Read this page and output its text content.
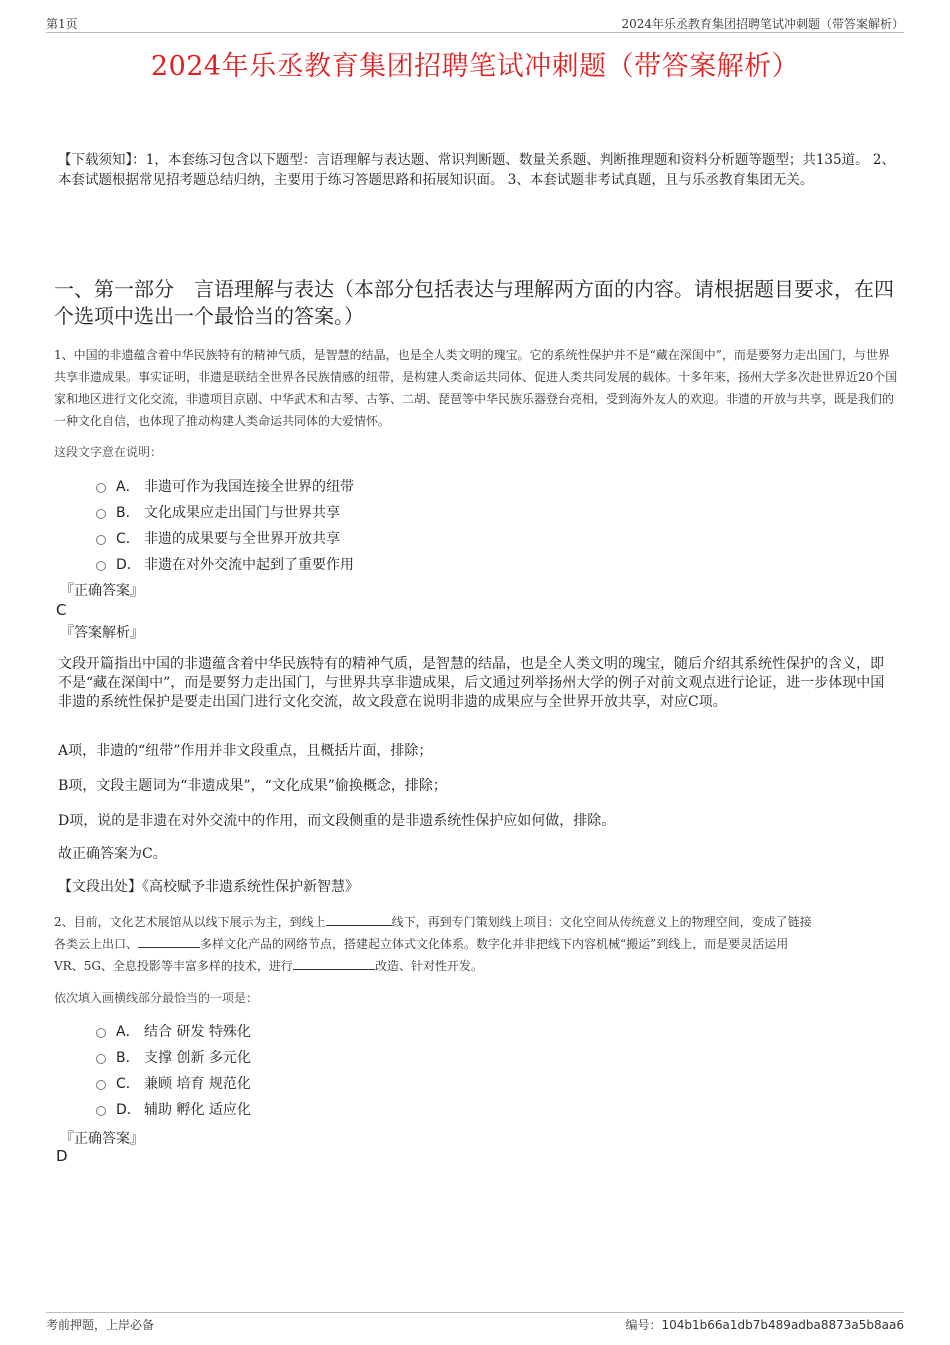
第1页	2024年乐丞教育集团招聘笔试冲刺题（带答案解析）
2024年乐丞教育集团招聘笔试冲刺题（带答案解析）
【下载须知】：1，本套练习包含以下题型：言语理解与表达题、常识判断题、数量关系题、判断推理题和资料分析题等题型；共135道。 2、本套试题根据常见招考题总结归纳，主要用于练习答题思路和拓展知识面。 3、本套试题非考试真题，且与乐丞教育集团无关。
一、第一部分　言语理解与表达（本部分包括表达与理解两方面的内容。请根据题目要求，在四个选项中选出一个最恰当的答案。）
1、中国的非遗蕴含着中华民族特有的精神气质，是智慧的结晶，也是全人类文明的瑰宝。它的系统性保护并不是“藏在深闺中”，而是要努力走出国门，与世界共享非遗成果。事实证明，非遗是联结全世界各民族情感的纽带，是构建人类命运共同体、促进人类共同发展的载体。十多年来，扬州大学多次赴世界近20个国家和地区进行文化交流，非遗项目京剧、中华武术和古琴、古筝、二胡、琵琶等中华民族乐器登台亮相，受到海外友人的欢迎。非遗的开放与共享，既是我们的一种文化自信，也体现了推动构建人类命运共同体的大爱情怀。
这段文字意在说明：
A． 非遗可作为我国连接全世界的纽带
B． 文化成果应走出国门与世界共享
C． 非遗的成果要与全世界开放共享
D． 非遗在对外交流中起到了重要作用
『正确答案』
C
『答案解析』
文段开篇指出中国的非遗蕴含着中华民族特有的精神气质，是智慧的结晶，也是全人类文明的瑰宝，随后介绍其系统性保护的含义，即不是“藏在深闺中”，而是要努力走出国门，与世界共享非遗成果，后文通过列举扬州大学的例子对前文观点进行论证，进一步体现中国非遗的系统性保护是要走出国门进行文化交流，故文段意在说明非遗的成果应与全世界开放共享，对应C项。
A项，非遗的“纽带”作用并非文段重点，且概括片面，排除；
B项，文段主题词为“非遗成果”，“文化成果”偷换概念，排除；
D项，说的是非遗在对外交流中的作用，而文段侧重的是非遗系统性保护应如何做，排除。
故正确答案为C。
【文段出处】《高校赋予非遗系统性保护新智慧》
2、目前，文化艺术展馆从以线下展示为主，到线上	线下，再到专门策划线上项目：文化空间从传统意义上的物理空间，变成了链接
各类云上出口、	多样文化产品的网络节点，搭建起立体式文化体系。数字化并非把线下内容机械“搬运”到线上，而是要灵活运用
VR、5G、全息投影等丰富多样的技术，进行	改造、针对性开发。
依次填入画横线部分最恰当的一项是：
A． 结合 研发 特殊化
B． 支撑 创新 多元化
C． 兼顾 培育 规范化
D． 辅助 孵化 适应化
『正确答案』
D
考前押题，上岸必备	编号：104b1b66a1db7b489adba8873a5b8aa6
